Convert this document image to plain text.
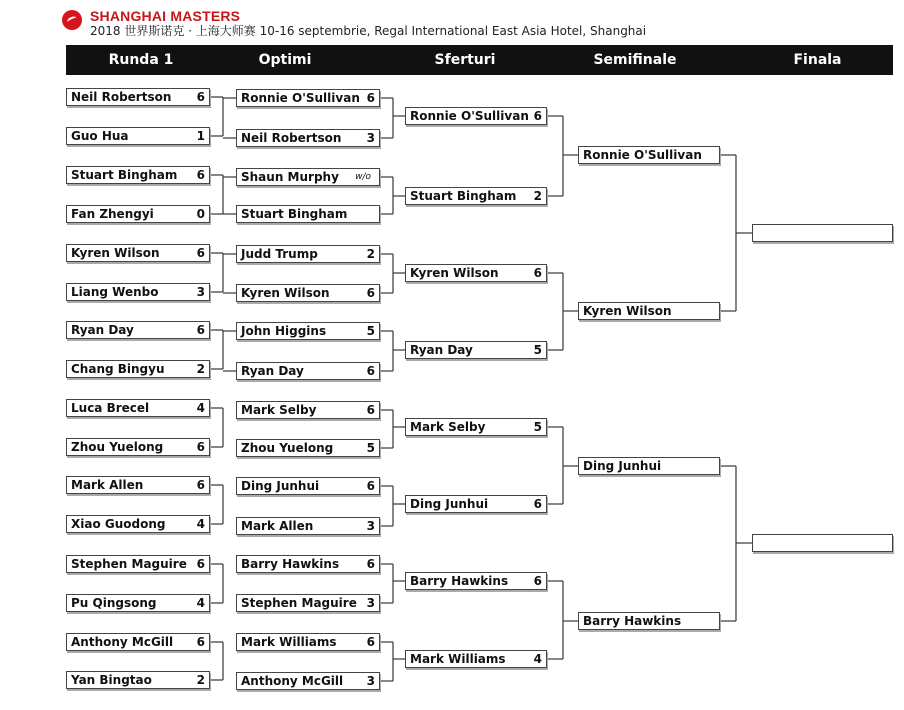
SHANGHAI MASTERS
2018 世界斯诺克 · 上海大师赛 10-16 septembrie, Regal International East Asia Hotel, Shanghai
Runda 1	Optimi	Sferturi	Semifinale	Finala
Neil Robertson 6
Guo Hua	1
Stuart Bingham 6
Fan Zhengyi	0
Kyren Wilson	6
Liang Wenbo	3
Ryan Day	6
Chang Bingyu	2
Luca Brecel	4
Zhou Yuelong	6
Mark Allen	6
Xiao Guodong	4
Stephen Maguire 6
Pu Qingsong	4
Anthony McGill 6
Yan Bingtao	2
Ronnie O'Sullivan 6
Neil Robertson 3
Shaun Murphy w/o
Stuart Bingham
Judd Trump	2
Kyren Wilson	6
John Higgins	5
Ryan Day	6
Mark Selby	6
Zhou Yuelong	5
Ding Junhui	6
Mark Allen	3
Barry Hawkins 6
Stephen Maguire 3
Mark Williams	6
Anthony McGill 3
Ronnie O'Sullivan 6
Stuart Bingham 2
Kyren Wilson	6
Ryan Day	5
Mark Selby	5
Ding Junhui	6
Barry Hawkins 6
Mark Williams 4
Ronnie O'Sullivan
Kyren Wilson
Ding Junhui
Barry Hawkins
